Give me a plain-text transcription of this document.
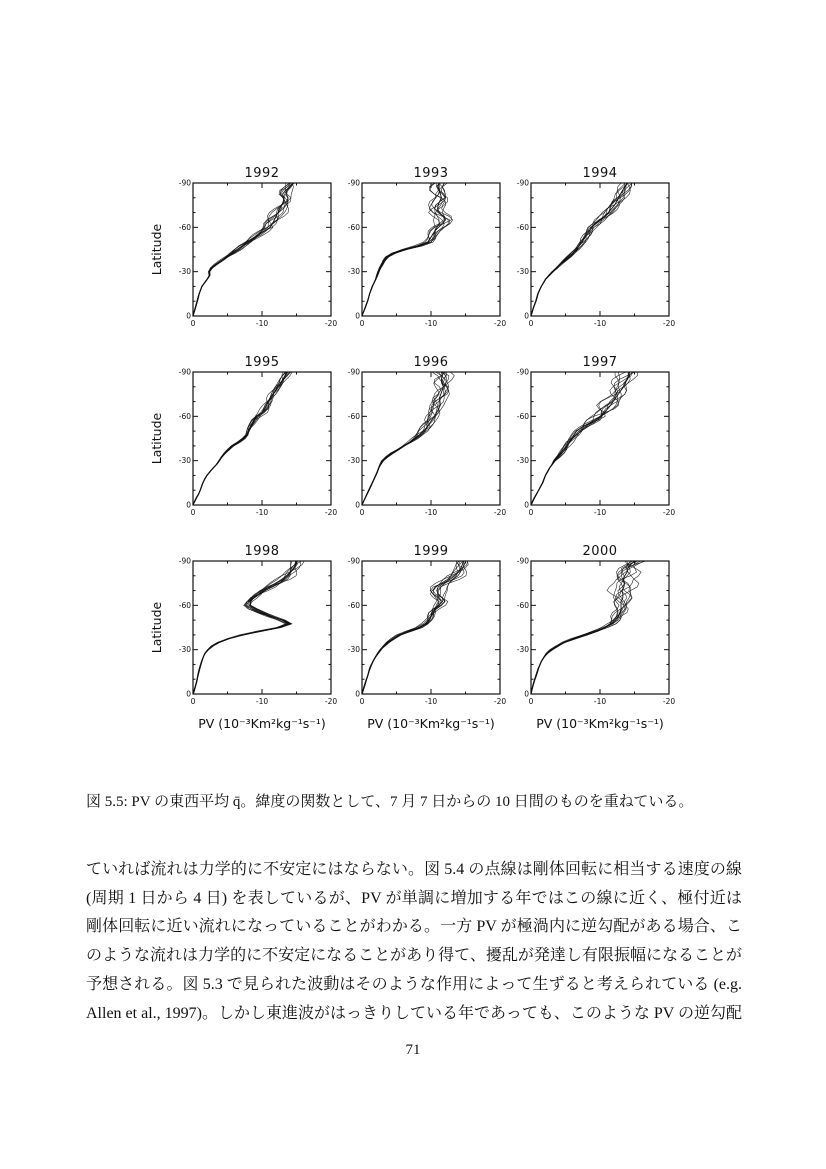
0	-10	-20
0
-30
-60
-90
1992
Latitude
0	-10	-20
0
-30
-60
-90
1993
0	-10	-20
0
-30
-60
-90
1994
0	-10	-20
0
-30
-60
-90
1995
Latitude
0	-10	-20
0
-30
-60
-90
1996
0	-10	-20
0
-30
-60
-90
1997
0	-10	-20
0
-30
-60
-90
1998
Latitude
PV (10⁻³Km²kg⁻¹s⁻¹)
0	-10	-20
0
-30
-60
-90
1999
PV (10⁻³Km²kg⁻¹s⁻¹)
0	-10	-20
0
-30
-60
-90
2000
PV (10⁻³Km²kg⁻¹s⁻¹)
図 5.5: PV の東西平均 q̄。緯度の関数として、7 月 7 日からの 10 日間のものを重ねている。
ていれば流れは力学的に不安定にはならない。図 5.4 の点線は剛体回転に相当する速度の線
(周期 1 日から 4 日) を表しているが、PV が単調に増加する年ではこの線に近く、極付近は
剛体回転に近い流れになっていることがわかる。一方 PV が極渦内に逆勾配がある場合、こ
のような流れは力学的に不安定になることがあり得て、擾乱が発達し有限振幅になることが
予想される。図 5.3 で見られた波動はそのような作用によって生ずると考えられている (e.g.
Allen et al., 1997)。しかし東進波がはっきりしている年であっても、このような PV の逆勾配
71
